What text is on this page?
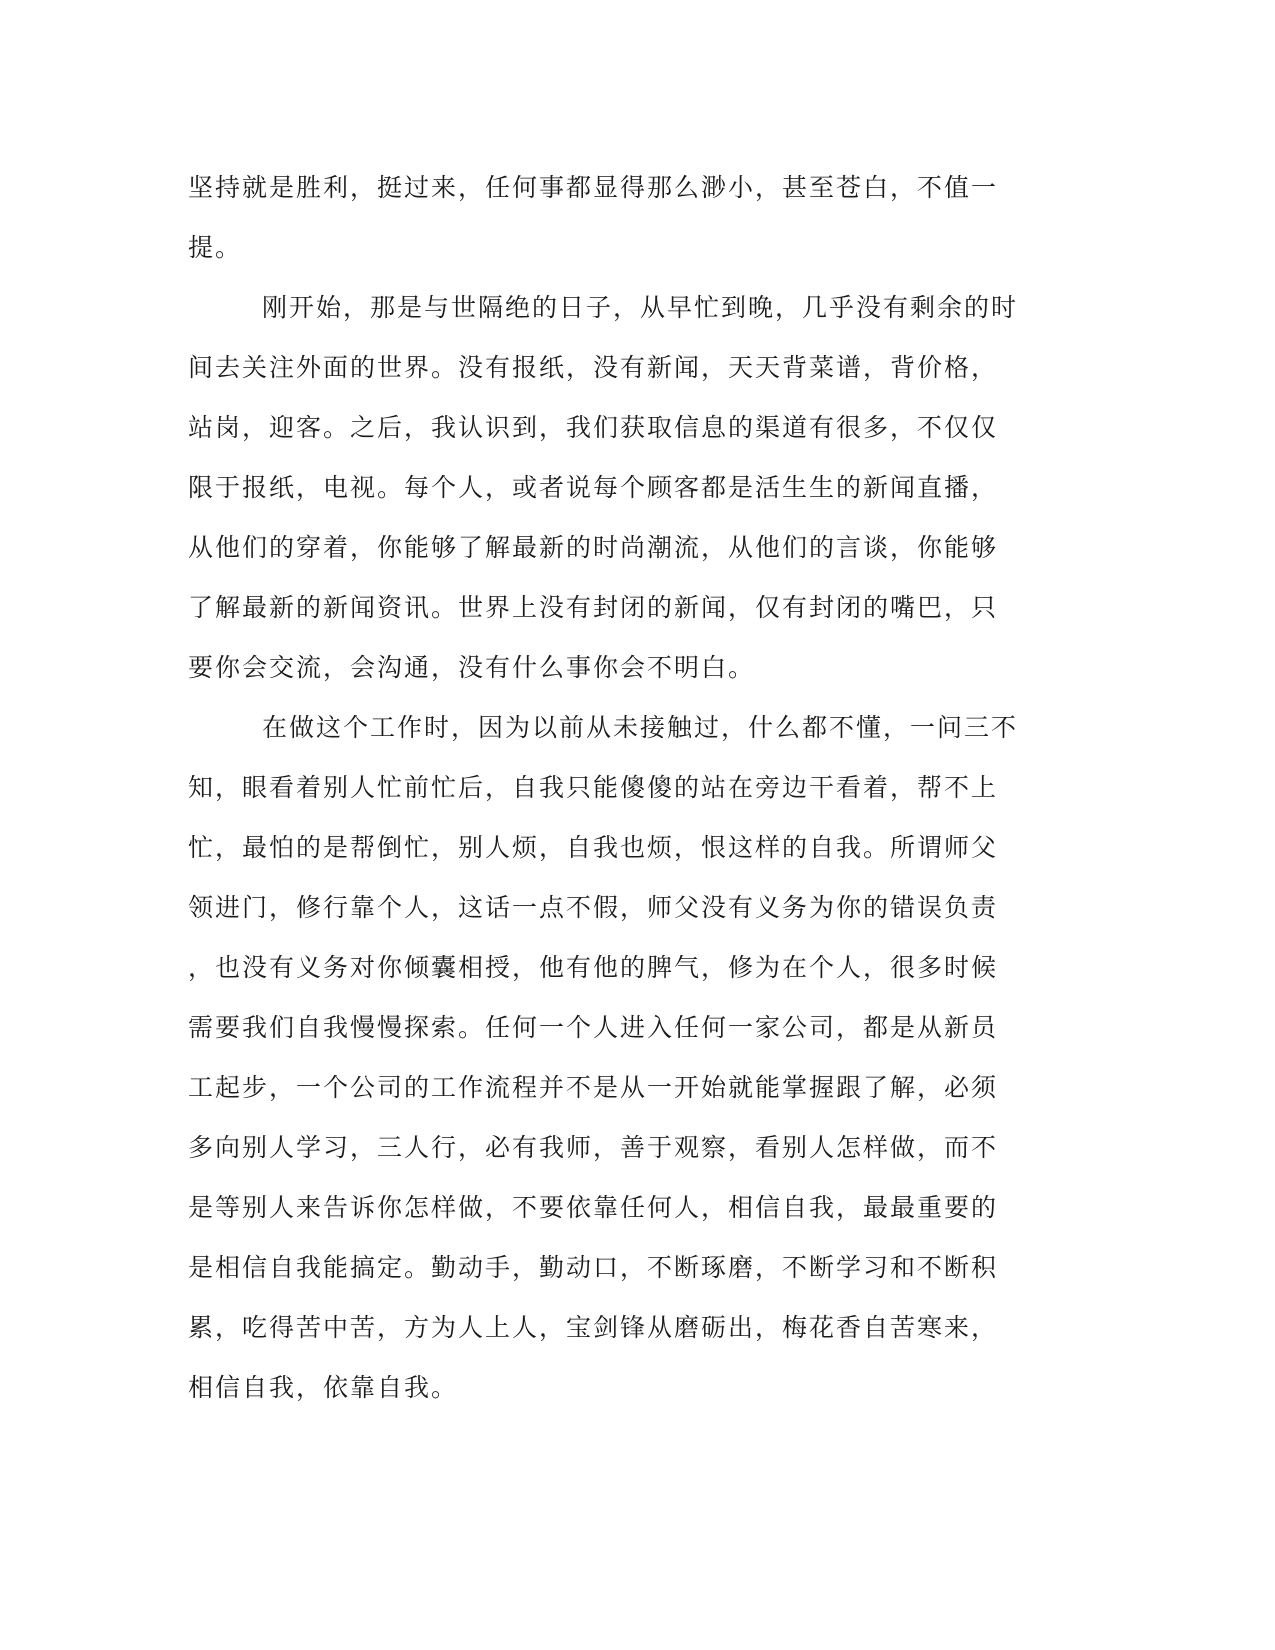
坚持就是胜利，挺过来，任何事都显得那么渺小，甚至苍白，不值一
提。
刚开始，那是与世隔绝的日子，从早忙到晚，几乎没有剩余的时
间去关注外面的世界。没有报纸，没有新闻，天天背菜谱，背价格，
站岗，迎客。之后，我认识到，我们获取信息的渠道有很多，不仅仅
限于报纸，电视。每个人，或者说每个顾客都是活生生的新闻直播，
从他们的穿着，你能够了解最新的时尚潮流，从他们的言谈，你能够
了解最新的新闻资讯。世界上没有封闭的新闻，仅有封闭的嘴巴，只
要你会交流，会沟通，没有什么事你会不明白。
在做这个工作时，因为以前从未接触过，什么都不懂，一问三不
知，眼看着别人忙前忙后，自我只能傻傻的站在旁边干看着，帮不上
忙，最怕的是帮倒忙，别人烦，自我也烦，恨这样的自我。所谓师父
领进门，修行靠个人，这话一点不假，师父没有义务为你的错误负责
，也没有义务对你倾囊相授，他有他的脾气，修为在个人，很多时候
需要我们自我慢慢探索。任何一个人进入任何一家公司，都是从新员
工起步，一个公司的工作流程并不是从一开始就能掌握跟了解，必须
多向别人学习，三人行，必有我师，善于观察，看别人怎样做，而不
是等别人来告诉你怎样做，不要依靠任何人，相信自我，最最重要的
是相信自我能搞定。勤动手，勤动口，不断琢磨，不断学习和不断积
累，吃得苦中苦，方为人上人，宝剑锋从磨砺出，梅花香自苦寒来，
相信自我，依靠自我。
